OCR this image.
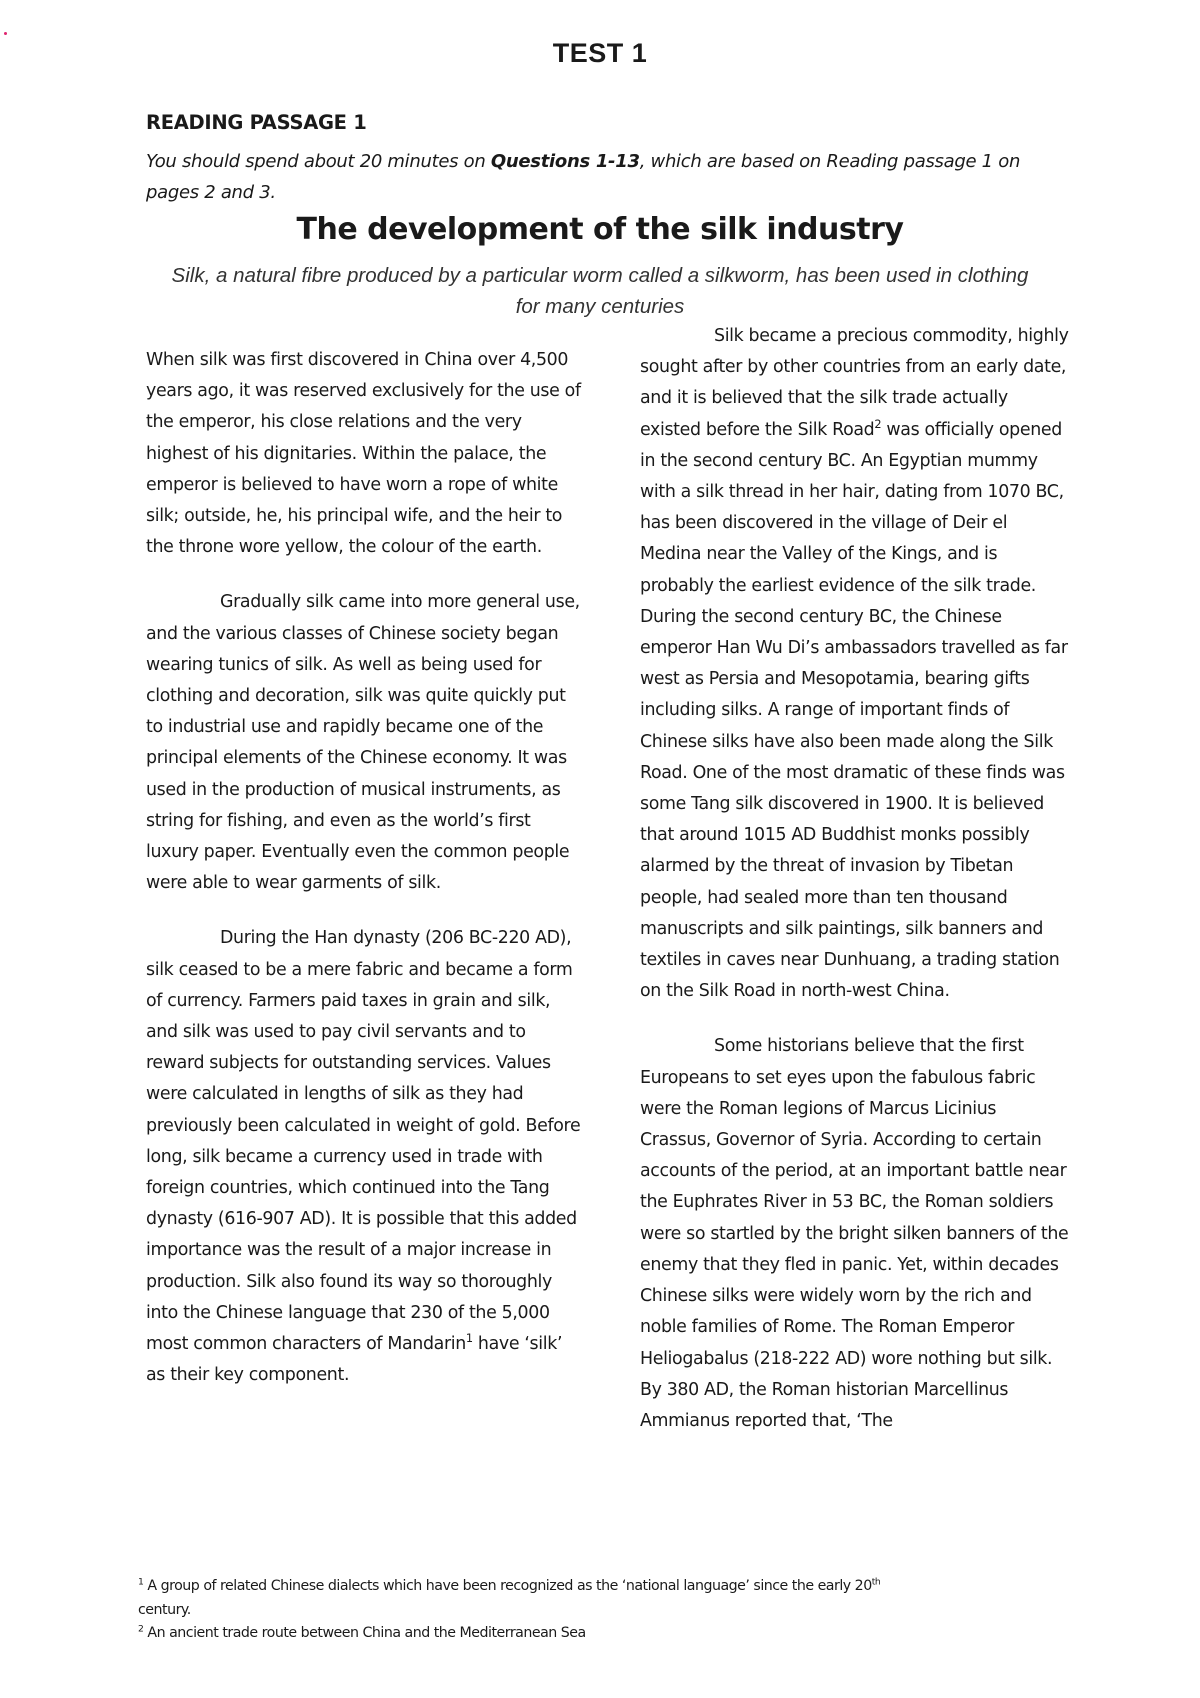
TEST 1
READING PASSAGE 1
You should spend about 20 minutes on Questions 1-13, which are based on Reading passage 1 on pages 2 and 3.
The development of the silk industry
Silk, a natural fibre produced by a particular worm called a silkworm, has been used in clothing for many centuries

When silk was first discovered in China over 4,500 years ago, it was reserved exclusively for the use of the emperor, his close relations and the very highest of his dignitaries. Within the palace, the emperor is believed to have worn a rope of white silk; outside, he, his principal wife, and the heir to the throne wore yellow, the colour of the earth.

Gradually silk came into more general use, and the various classes of Chinese society began wearing tunics of silk. As well as being used for clothing and decoration, silk was quite quickly put to industrial use and rapidly became one of the principal elements of the Chinese economy. It was used in the production of musical instruments, as string for fishing, and even as the world’s first luxury paper. Eventually even the common people were able to wear garments of silk.

During the Han dynasty (206 BC-220 AD), silk ceased to be a mere fabric and became a form of currency. Farmers paid taxes in grain and silk, and silk was used to pay civil servants and to reward subjects for outstanding services. Values were calculated in lengths of silk as they had previously been calculated in weight of gold. Before long, silk became a currency used in trade with foreign countries, which continued into the Tang dynasty (616-907 AD). It is possible that this added importance was the result of a major increase in production. Silk also found its way so thoroughly into the Chinese language that 230 of the 5,000 most common characters of Mandarin$^1$ have ‘silk’ as their key component.

Silk became a precious commodity, highly sought after by other countries from an early date, and it is believed that the silk trade actually existed before the Silk Road$^2$ was officially opened in the second century BC. An Egyptian mummy with a silk thread in her hair, dating from 1070 BC, has been discovered in the village of Deir el Medina near the Valley of the Kings, and is probably the earliest evidence of the silk trade. During the second century BC, the Chinese emperor Han Wu Di’s ambassadors travelled as far west as Persia and Mesopotamia, bearing gifts including silks. A range of important finds of Chinese silks have also been made along the Silk Road. One of the most dramatic of these finds was some Tang silk discovered in 1900. It is believed that around 1015 AD Buddhist monks possibly alarmed by the threat of invasion by Tibetan people, had sealed more than ten thousand manuscripts and silk paintings, silk banners and textiles in caves near Dunhuang, a trading station on the Silk Road in north-west China.

Some historians believe that the first Europeans to set eyes upon the fabulous fabric were the Roman legions of Marcus Licinius Crassus, Governor of Syria. According to certain accounts of the period, at an important battle near the Euphrates River in 53 BC, the Roman soldiers were so startled by the bright silken banners of the enemy that they fled in panic. Yet, within decades Chinese silks were widely worn by the rich and noble families of Rome. The Roman Emperor Heliogabalus (218-222 AD) wore nothing but silk. By 380 AD, the Roman historian Marcellinus Ammianus reported that, ‘The

$^1$ A group of related Chinese dialects which have been recognized as the ‘national language’ since the early 20th century.
$^2$ An ancient trade route between China and the Mediterranean Sea
